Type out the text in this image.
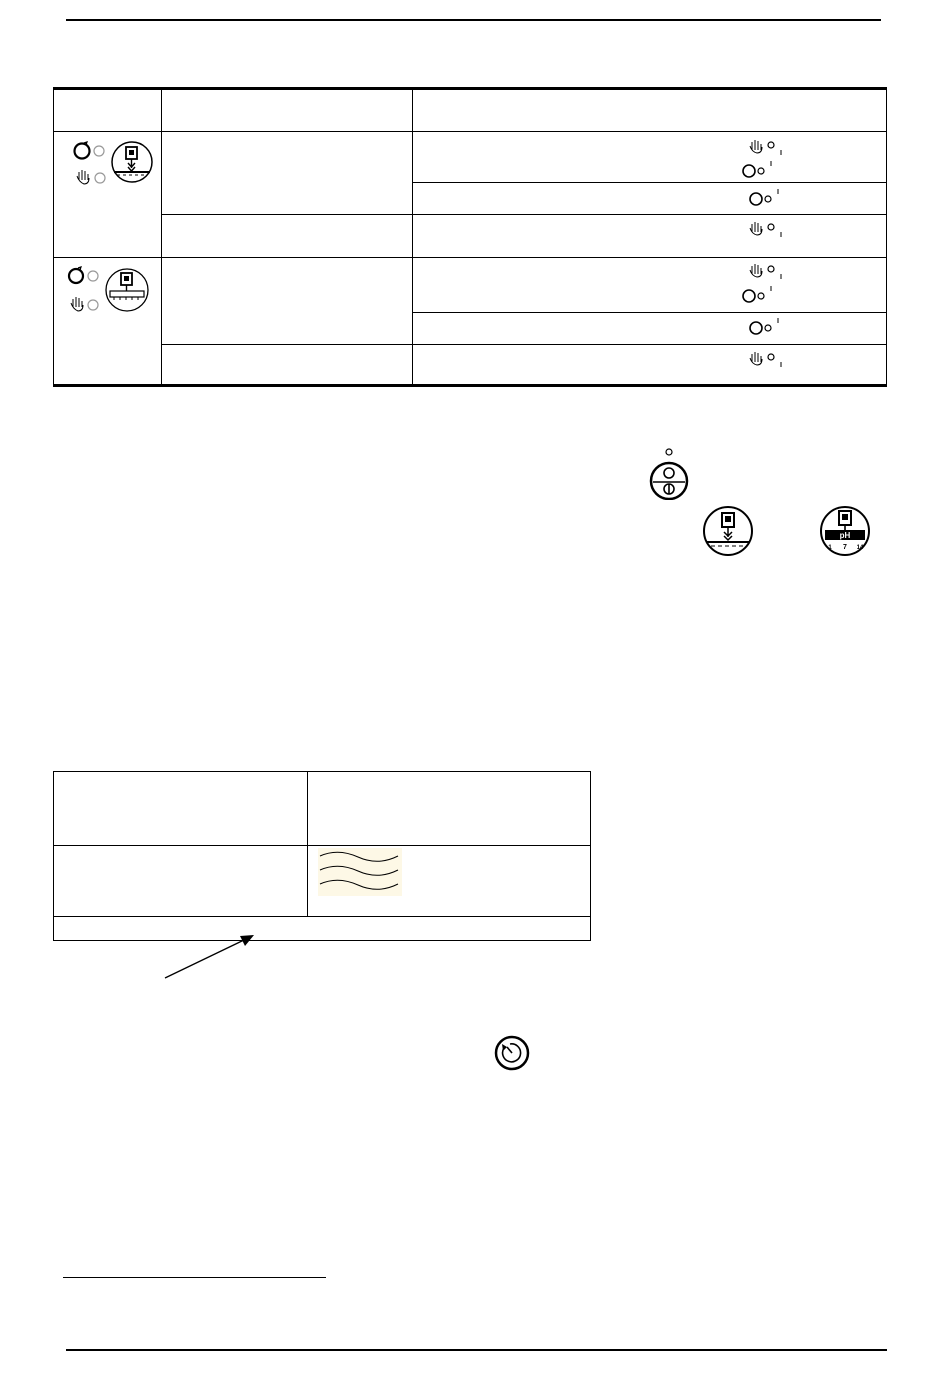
pH
1 7 14
